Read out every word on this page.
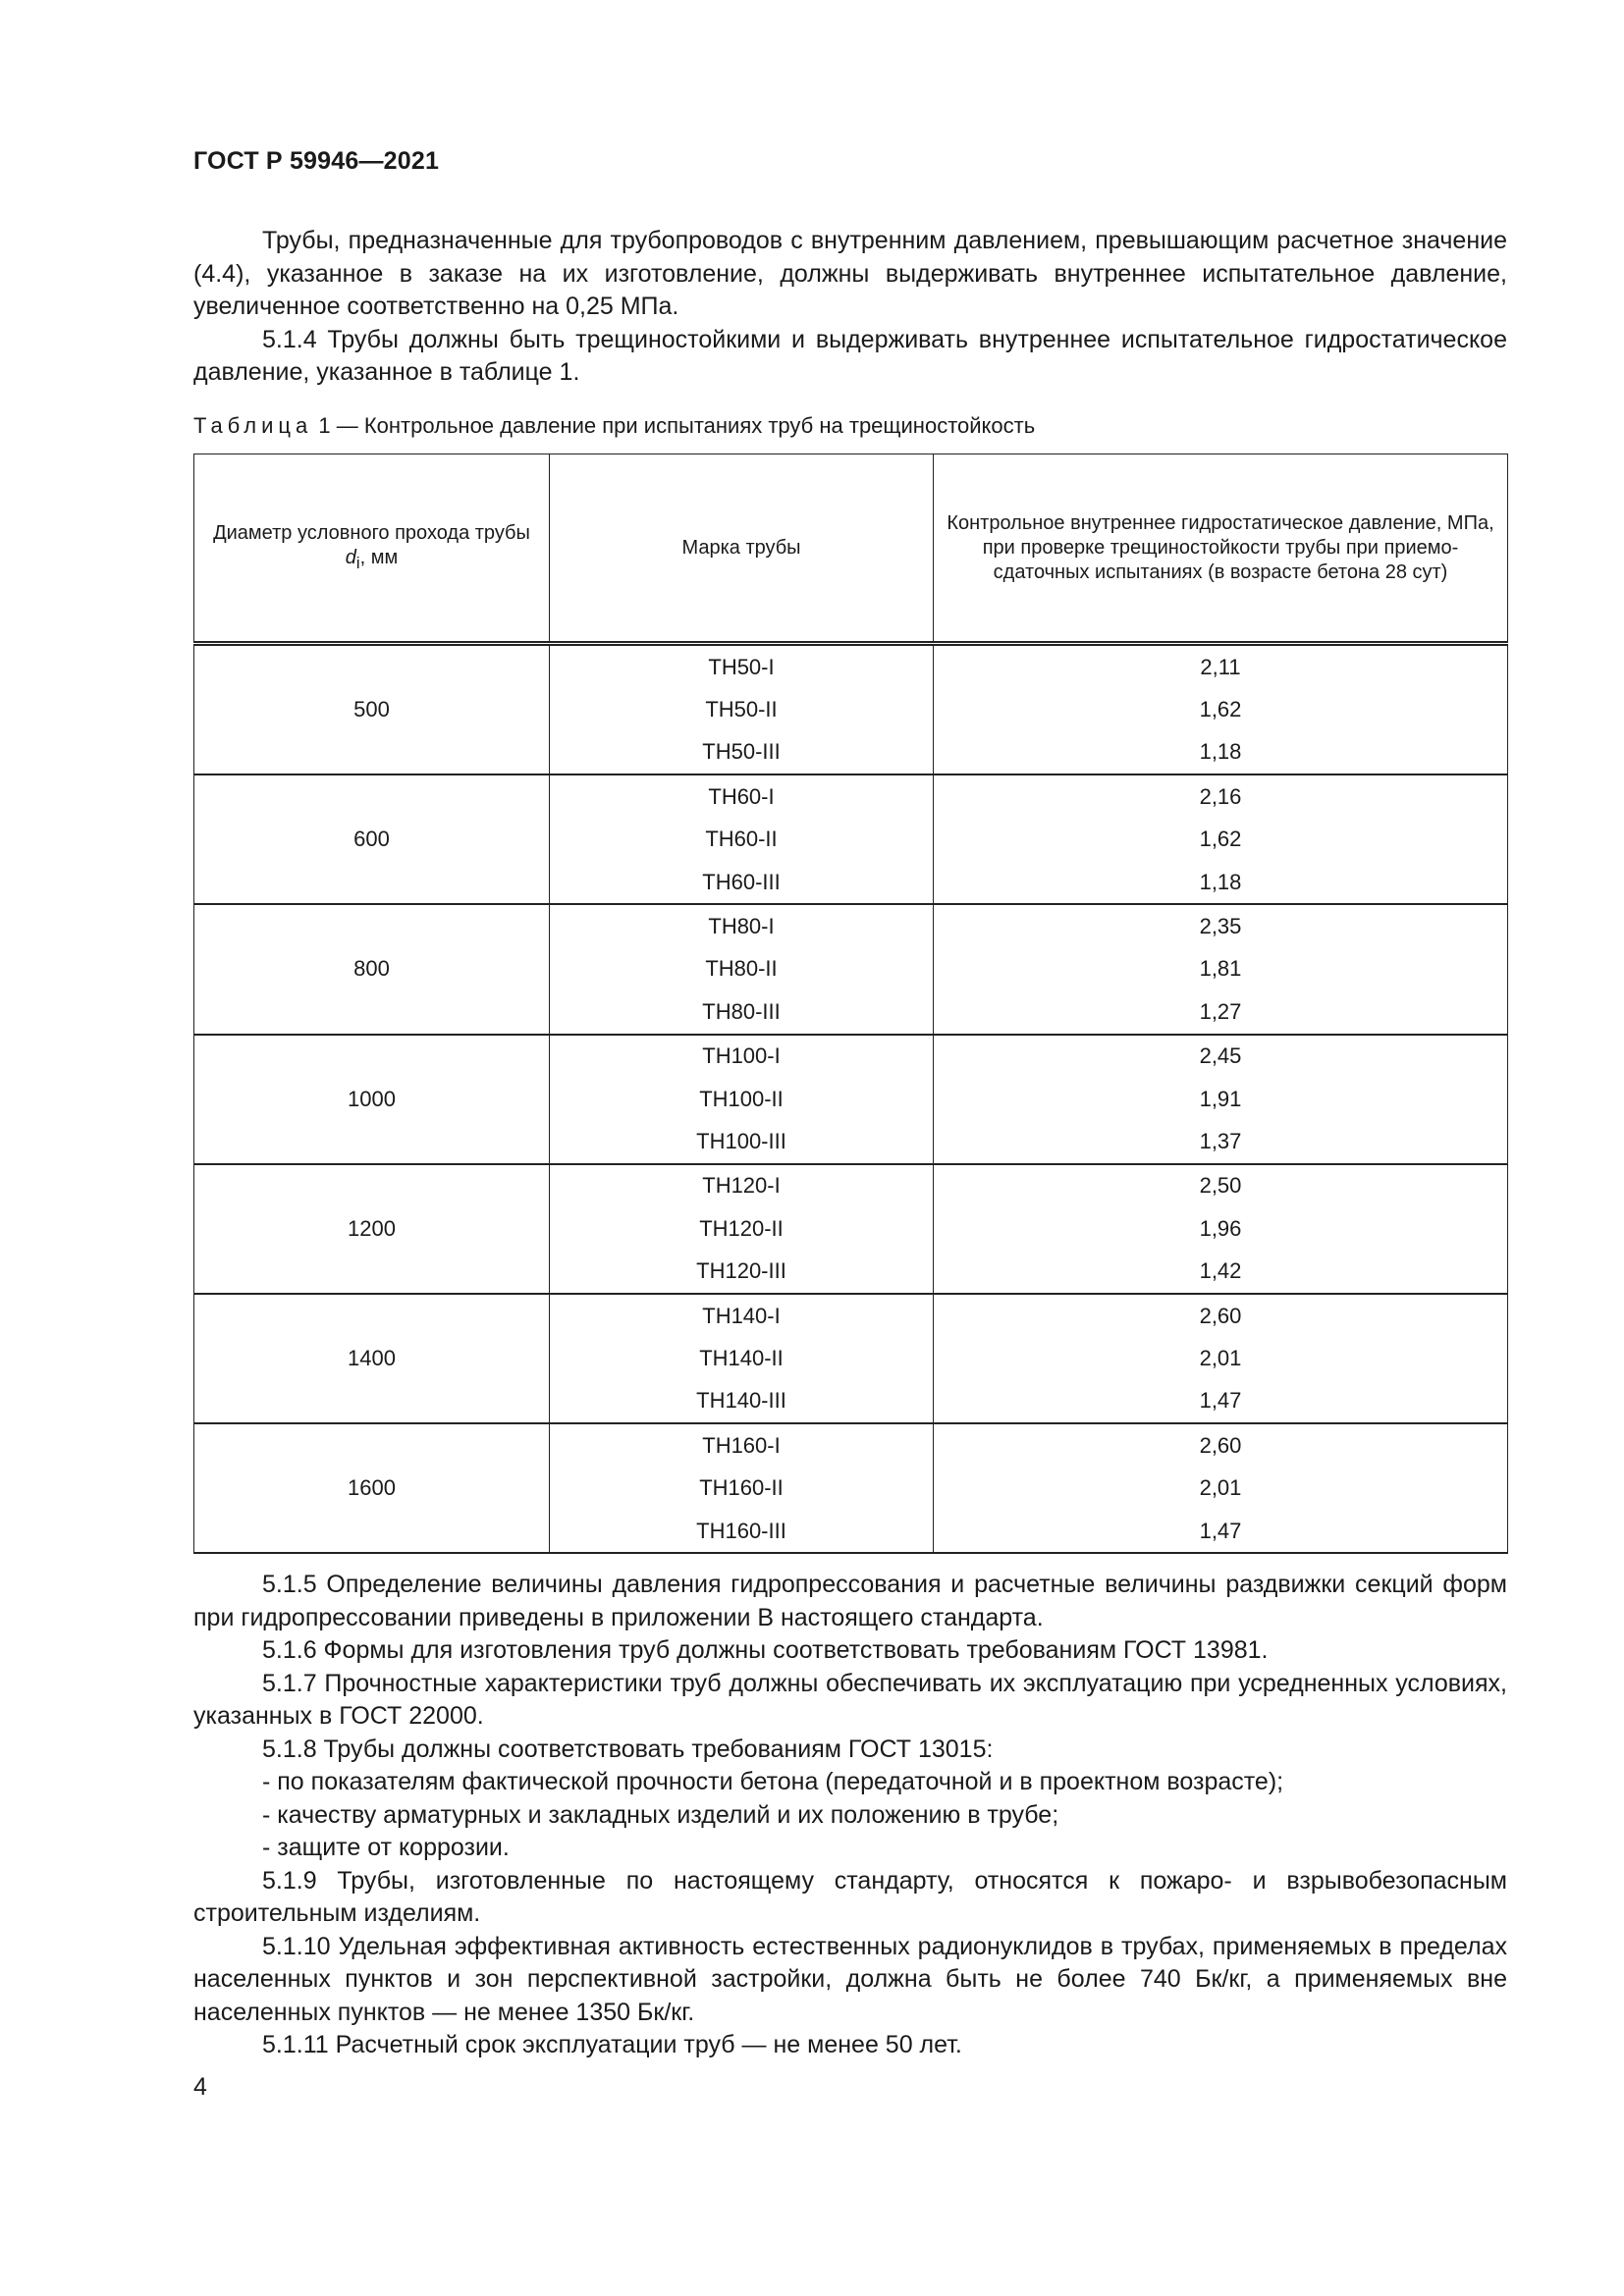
ГОСТ Р 59946—2021

Трубы, предназначенные для трубопроводов с внутренним давлением, превышающим расчетное значение (4.4), указанное в заказе на их изготовление, должны выдерживать внутреннее испытательное давление, увеличенное соответственно на 0,25 МПа.

5.1.4 Трубы должны быть трещиностойкими и выдерживать внутреннее испытательное гидростатическое давление, указанное в таблице 1.

Таблица 1 — Контрольное давление при испытаниях труб на трещиностойкость
Диаметр условного прохода трубы $d_i$, мм	Марка трубы	Контрольное внутреннее гидростатическое давление, МПа, при проверке трещиностойкости трубы при приемо-сдаточных испытаниях (в возрасте бетона 28 сут)
500	ТН50-I	2,11
	ТН50-II	1,62
	ТН50-III	1,18
600	ТН60-I	2,16
	ТН60-II	1,62
	ТН60-III	1,18
800	ТН80-I	2,35
	ТН80-II	1,81
	ТН80-III	1,27
1000	ТН100-I	2,45
	ТН100-II	1,91
	ТН100-III	1,37
1200	ТН120-I	2,50
	ТН120-II	1,96
	ТН120-III	1,42
1400	ТН140-I	2,60
	ТН140-II	2,01
	ТН140-III	1,47
1600	ТН160-I	2,60
	ТН160-II	2,01
	ТН160-III	1,47

5.1.5 Определение величины давления гидропрессования и расчетные величины раздвижки секций форм при гидропрессовании приведены в приложении В настоящего стандарта.

5.1.6 Формы для изготовления труб должны соответствовать требованиям ГОСТ 13981.

5.1.7 Прочностные характеристики труб должны обеспечивать их эксплуатацию при усредненных условиях, указанных в ГОСТ 22000.

5.1.8 Трубы должны соответствовать требованиям ГОСТ 13015:

- по показателям фактической прочности бетона (передаточной и в проектном возрасте);

- качеству арматурных и закладных изделий и их положению в трубе;

- защите от коррозии.

5.1.9 Трубы, изготовленные по настоящему стандарту, относятся к пожаро- и взрывобезопасным строительным изделиям.

5.1.10 Удельная эффективная активность естественных радионуклидов в трубах, применяемых в пределах населенных пунктов и зон перспективной застройки, должна быть не более 740 Бк/кг, а применяемых вне населенных пунктов — не менее 1350 Бк/кг.

5.1.11 Расчетный срок эксплуатации труб — не менее 50 лет.

4
